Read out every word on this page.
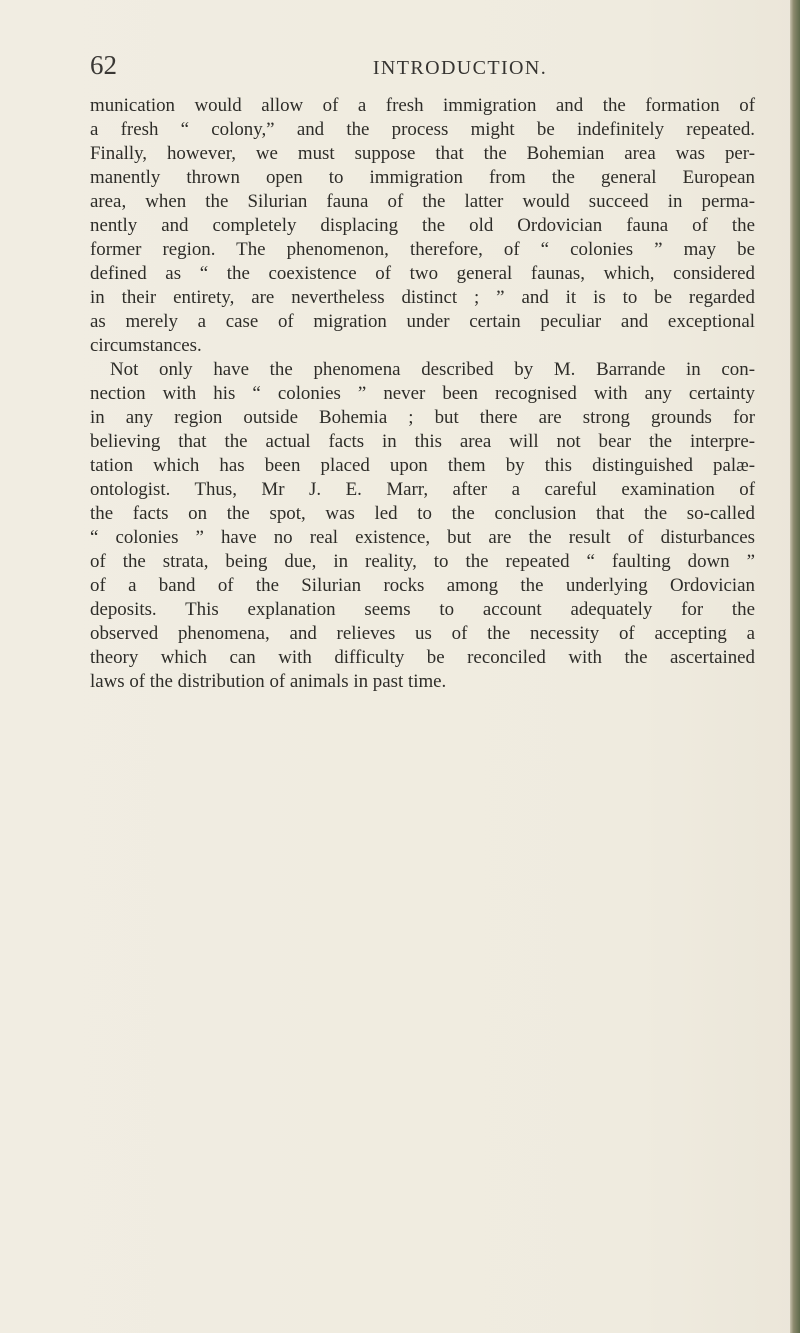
62	INTRODUCTION.
munication would allow of a fresh immigration and the formation of
a fresh “ colony,” and the process might be indefinitely repeated.
Finally, however, we must suppose that the Bohemian area was per-
manently thrown open to immigration from the general European
area, when the Silurian fauna of the latter would succeed in perma-
nently and completely displacing the old Ordovician fauna of the
former region. The phenomenon, therefore, of “ colonies ” may be
defined as “ the coexistence of two general faunas, which, considered
in their entirety, are nevertheless distinct ; ” and it is to be regarded
as merely a case of migration under certain peculiar and exceptional
circumstances.
Not only have the phenomena described by M. Barrande in con-
nection with his “ colonies ” never been recognised with any certainty
in any region outside Bohemia ; but there are strong grounds for
believing that the actual facts in this area will not bear the interpre-
tation which has been placed upon them by this distinguished palæ-
ontologist. Thus, Mr J. E. Marr, after a careful examination of
the facts on the spot, was led to the conclusion that the so-called
“ colonies ” have no real existence, but are the result of disturbances
of the strata, being due, in reality, to the repeated “ faulting down ”
of a band of the Silurian rocks among the underlying Ordovician
deposits. This explanation seems to account adequately for the
observed phenomena, and relieves us of the necessity of accepting a
theory which can with difficulty be reconciled with the ascertained
laws of the distribution of animals in past time.
